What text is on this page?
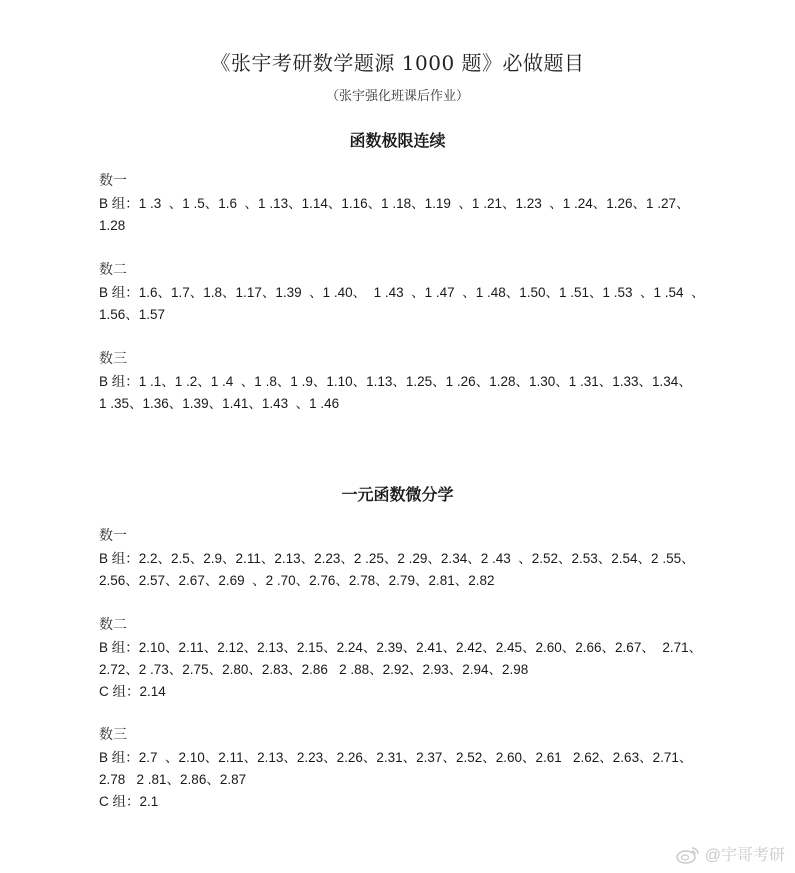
《张宇考研数学题源 1000 题》必做题目
（张宇强化班课后作业）
函数极限连续
数一
B 组：1 .3  、1 .5、1.6  、1 .13、1.14、1.16、1 .18、1.19  、1 .21、1.23  、1 .24、1.26、1 .27、
1.28
数二
B 组：1.6、1.7、1.8、1.17、1.39  、1 .40、  1 .43  、1 .47  、1 .48、1.50、1 .51、1 .53  、1 .54  、
1.56、1.57
数三
B 组：1 .1、1 .2、1 .4  、1 .8、1 .9、1.10、1.13、1.25、1 .26、1.28、1.30、1 .31、1.33、1.34、
1 .35、1.36、1.39、1.41、1.43  、1 .46
一元函数微分学
数一
B 组：2.2、2.5、2.9、2.11、2.13、2.23、2 .25、2 .29、2.34、2 .43  、2.52、2.53、2.54、2 .55、
2.56、2.57、2.67、2.69  、2 .70、2.76、2.78、2.79、2.81、2.82
数二
B 组：2.10、2.11、2.12、2.13、2.15、2.24、2.39、2.41、2.42、2.45、2.60、2.66、2.67、  2.71、
2.72、2 .73、2.75、2.80、2.83、2.86   2 .88、2.92、2.93、2.94、2.98
C 组：2.14
数三
B 组：2.7  、2.10、2.11、2.13、2.23、2.26、2.31、2.37、2.52、2.60、2.61   2.62、2.63、2.71、
2.78   2 .81、2.86、2.87
C 组：2.1
@宇哥考研
